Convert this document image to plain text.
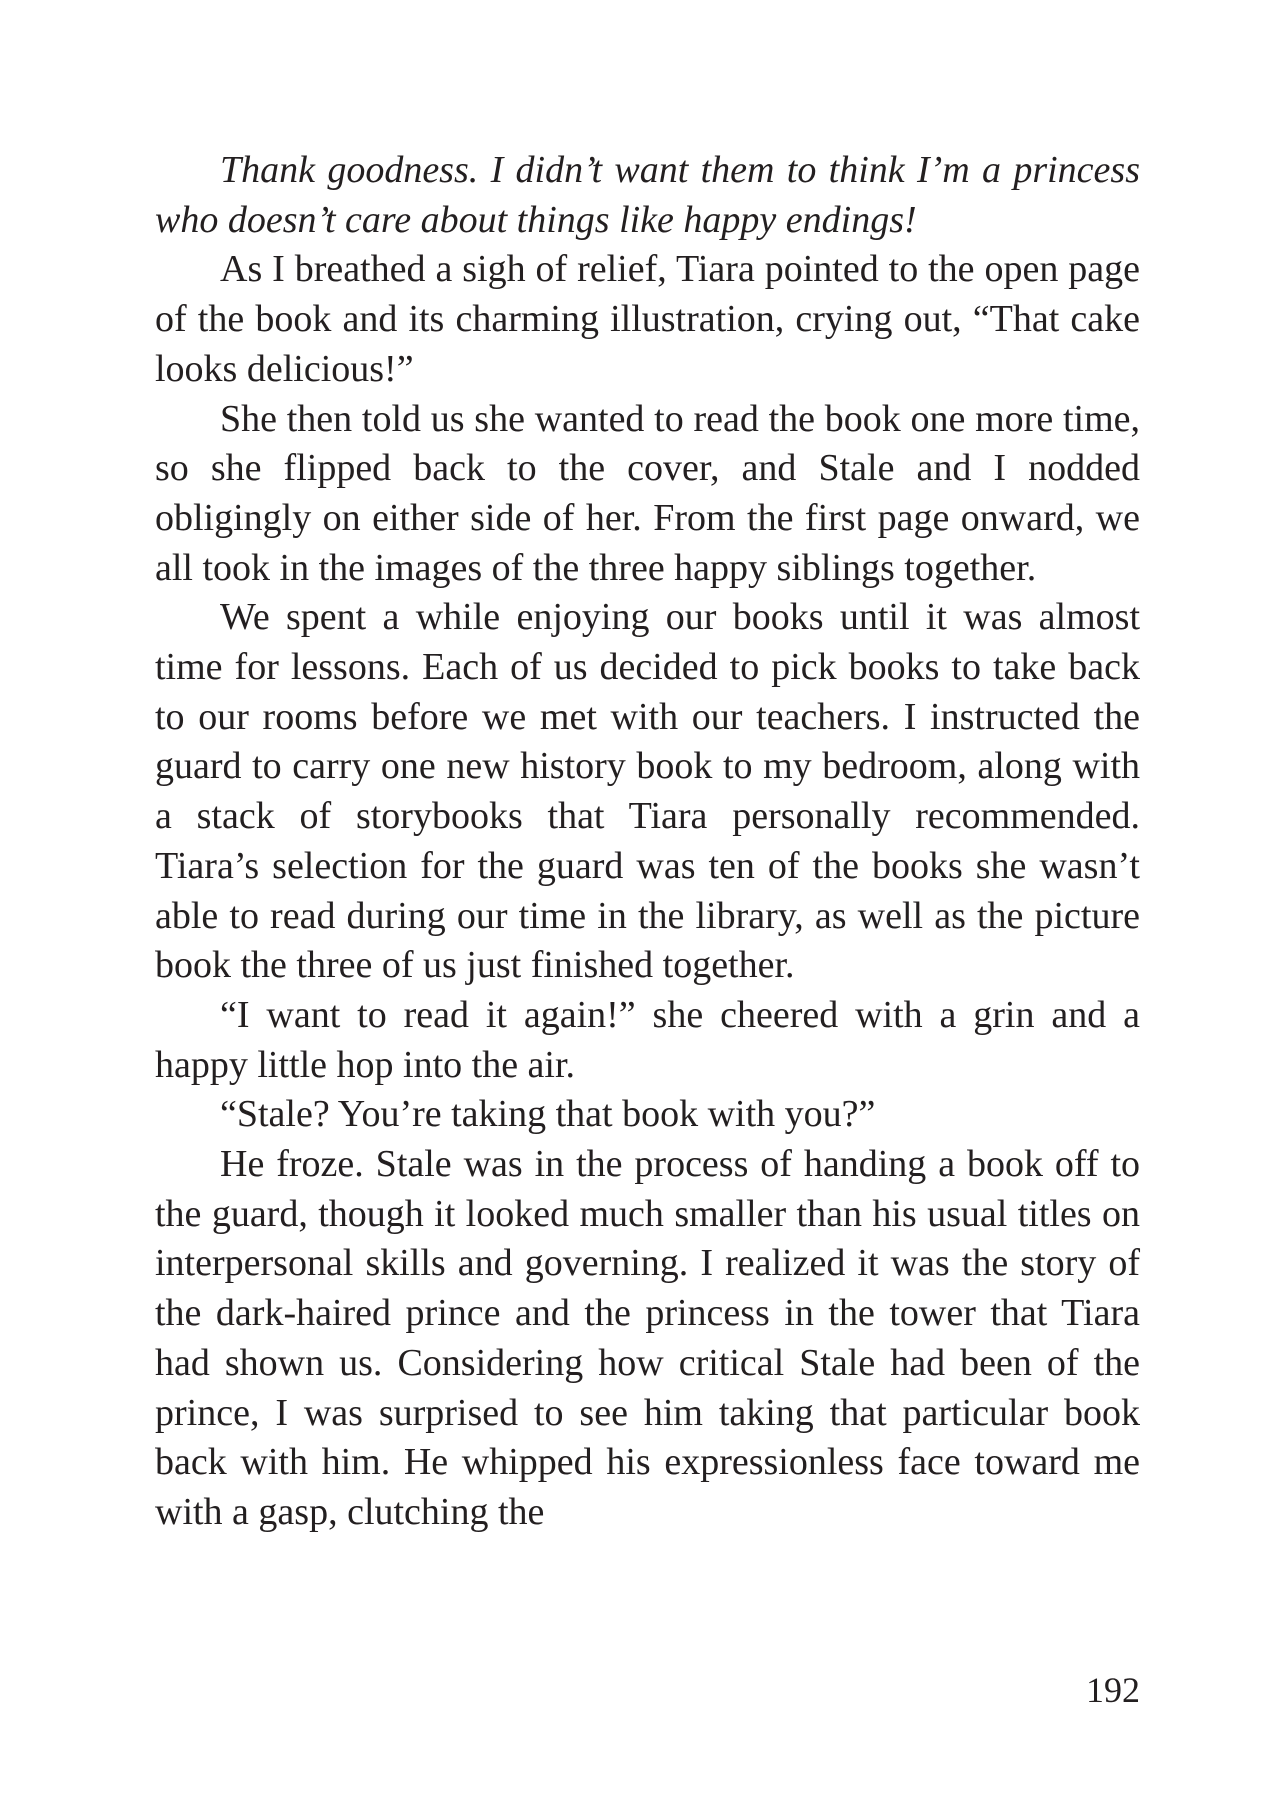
Thank goodness. I didn’t want them to think I’m a princess who doesn’t care about things like happy endings!

As I breathed a sigh of relief, Tiara pointed to the open page of the book and its charming illustration, crying out, “That cake looks delicious!”

She then told us she wanted to read the book one more time, so she flipped back to the cover, and Stale and I nodded obligingly on either side of her. From the first page onward, we all took in the images of the three happy siblings together.

We spent a while enjoying our books until it was almost time for lessons. Each of us decided to pick books to take back to our rooms before we met with our teachers. I instructed the guard to carry one new history book to my bedroom, along with a stack of storybooks that Tiara personally recommended. Tiara’s selection for the guard was ten of the books she wasn’t able to read during our time in the library, as well as the picture book the three of us just finished together.

“I want to read it again!” she cheered with a grin and a happy little hop into the air.

“Stale? You’re taking that book with you?”

He froze. Stale was in the process of handing a book off to the guard, though it looked much smaller than his usual titles on interpersonal skills and governing. I realized it was the story of the dark-haired prince and the princess in the tower that Tiara had shown us. Considering how critical Stale had been of the prince, I was surprised to see him taking that particular book back with him. He whipped his expressionless face toward me with a gasp, clutching the

192
